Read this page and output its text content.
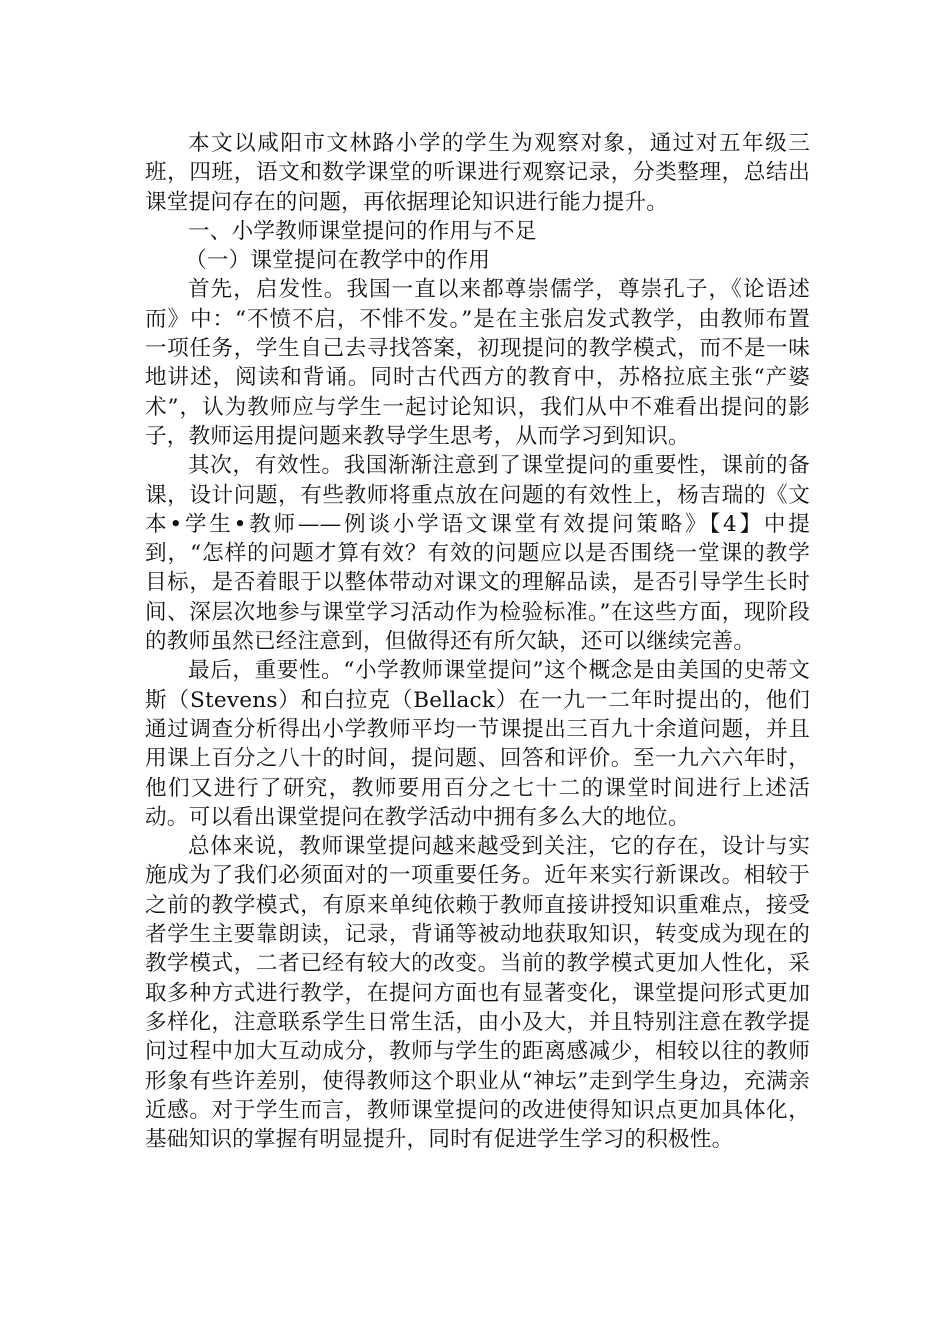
本文以咸阳市文林路小学的学生为观察对象，通过对五年级三班，四班，语文和数学课堂的听课进行观察记录，分类整理，总结出课堂提问存在的问题，再依据理论知识进行能力提升。

一、小学教师课堂提问的作用与不足

（一）课堂提问在教学中的作用

首先，启发性。我国一直以来都尊崇儒学，尊崇孔子，《论语述而》中：“不愤不启，不悱不发。”是在主张启发式教学，由教师布置一项任务，学生自己去寻找答案，初现提问的教学模式，而不是一味地讲述，阅读和背诵。同时古代西方的教育中，苏格拉底主张“产婆术”，认为教师应与学生一起讨论知识，我们从中不难看出提问的影子，教师运用提问题来教导学生思考，从而学习到知识。

其次，有效性。我国渐渐注意到了课堂提问的重要性，课前的备课，设计问题，有些教师将重点放在问题的有效性上，杨吉瑞的《文本•学生•教师——例谈小学语文课堂有效提问策略》【4】中提到，“怎样的问题才算有效？有效的问题应以是否围绕一堂课的教学目标，是否着眼于以整体带动对课文的理解品读，是否引导学生长时间、深层次地参与课堂学习活动作为检验标准。”在这些方面，现阶段的教师虽然已经注意到，但做得还有所欠缺，还可以继续完善。

最后，重要性。“小学教师课堂提问”这个概念是由美国的史蒂文斯（Stevens）和白拉克（Bellack）在一九一二年时提出的，他们通过调查分析得出小学教师平均一节课提出三百九十余道问题，并且用课上百分之八十的时间，提问题、回答和评价。至一九六六年时，他们又进行了研究，教师要用百分之七十二的课堂时间进行上述活动。可以看出课堂提问在教学活动中拥有多么大的地位。

总体来说，教师课堂提问越来越受到关注，它的存在，设计与实施成为了我们必须面对的一项重要任务。近年来实行新课改。相较于之前的教学模式，有原来单纯依赖于教师直接讲授知识重难点，接受者学生主要靠朗读，记录，背诵等被动地获取知识，转变成为现在的教学模式，二者已经有较大的改变。当前的教学模式更加人性化，采取多种方式进行教学，在提问方面也有显著变化，课堂提问形式更加多样化，注意联系学生日常生活，由小及大，并且特别注意在教学提问过程中加大互动成分，教师与学生的距离感减少，相较以往的教师形象有些许差别，使得教师这个职业从“神坛”走到学生身边，充满亲近感。对于学生而言，教师课堂提问的改进使得知识点更加具体化，基础知识的掌握有明显提升，同时有促进学生学习的积极性。
